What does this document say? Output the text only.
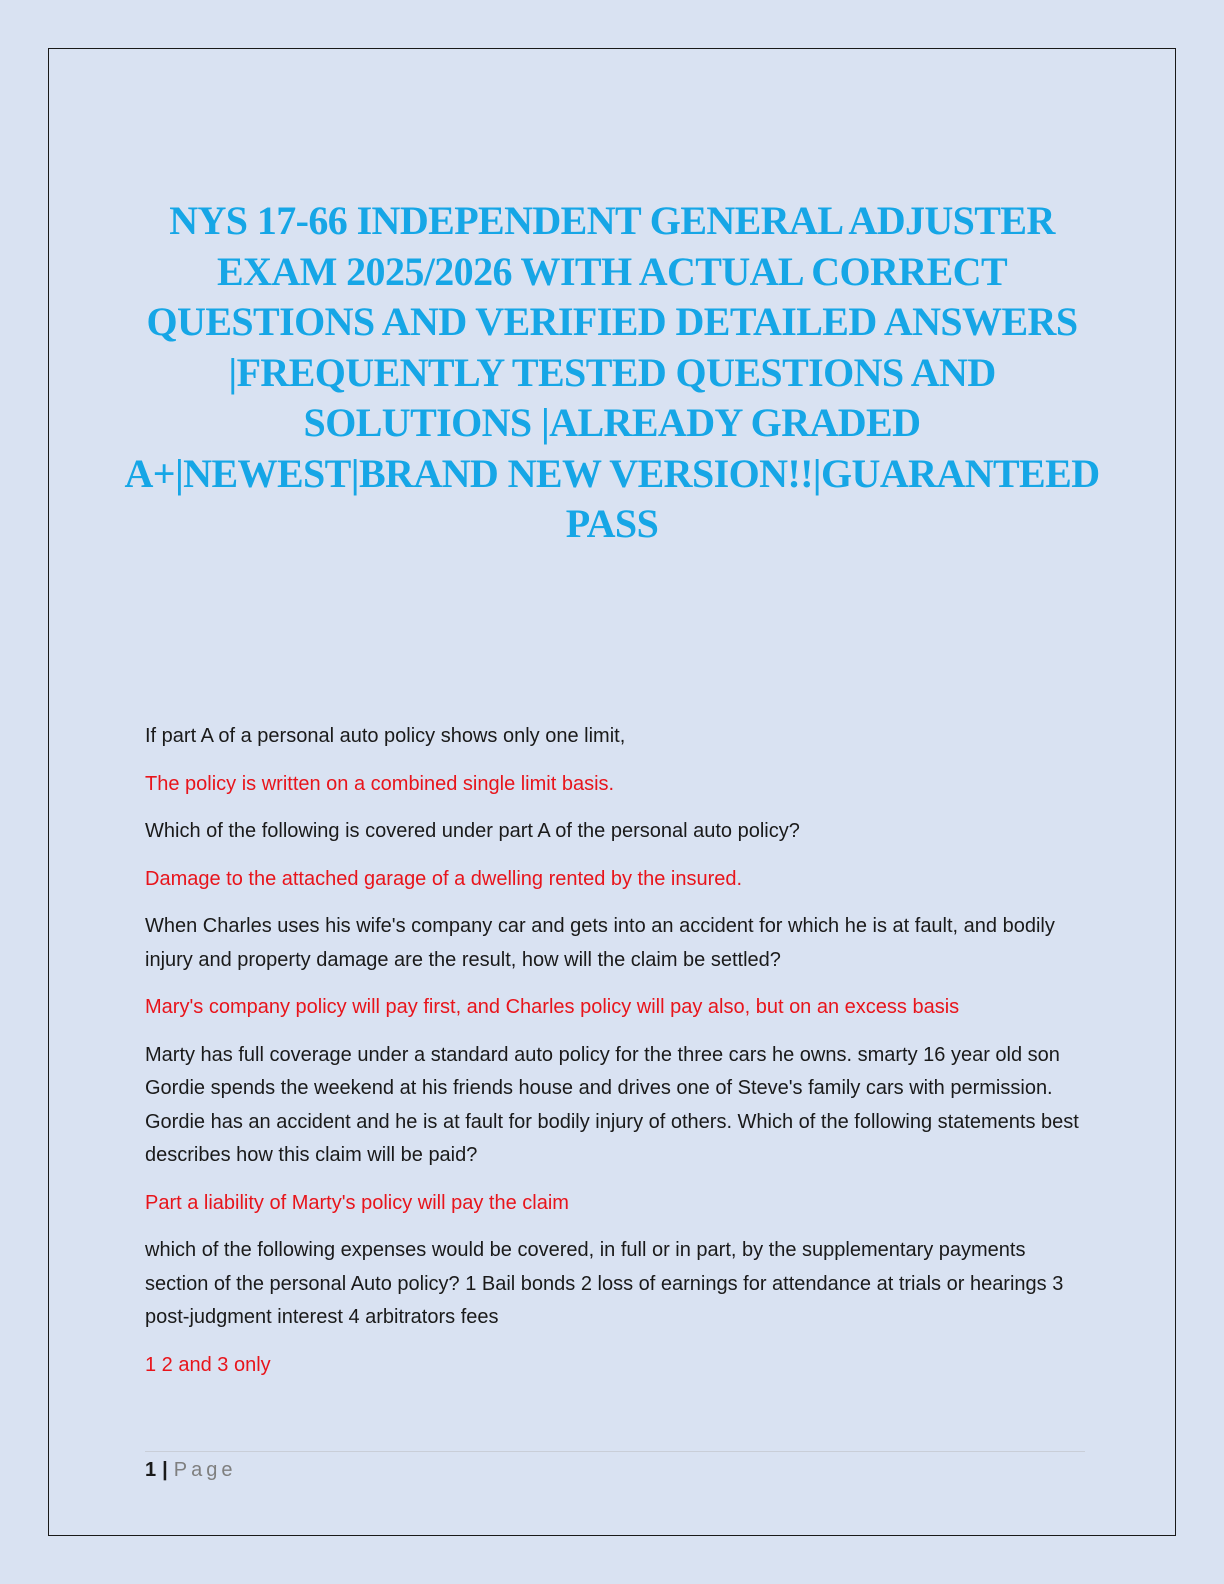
NYS 17-66 INDEPENDENT GENERAL ADJUSTER EXAM 2025/2026 WITH ACTUAL CORRECT QUESTIONS AND VERIFIED DETAILED ANSWERS |FREQUENTLY TESTED QUESTIONS AND SOLUTIONS |ALREADY GRADED A+|NEWEST|BRAND NEW VERSION!!|GUARANTEED PASS

If part A of a personal auto policy shows only one limit,

The policy is written on a combined single limit basis.

Which of the following is covered under part A of the personal auto policy?

Damage to the attached garage of a dwelling rented by the insured.

When Charles uses his wife's company car and gets into an accident for which he is at fault, and bodily injury and property damage are the result, how will the claim be settled?

Mary's company policy will pay first, and Charles policy will pay also, but on an excess basis

Marty has full coverage under a standard auto policy for the three cars he owns. smarty 16 year old son Gordie spends the weekend at his friends house and drives one of Steve's family cars with permission. Gordie has an accident and he is at fault for bodily injury of others. Which of the following statements best describes how this claim will be paid?

Part a liability of Marty's policy will pay the claim

which of the following expenses would be covered, in full or in part, by the supplementary payments section of the personal Auto policy? 1 Bail bonds 2 loss of earnings for attendance at trials or hearings 3 post-judgment interest 4 arbitrators fees

1 2 and 3 only

1 | Page
